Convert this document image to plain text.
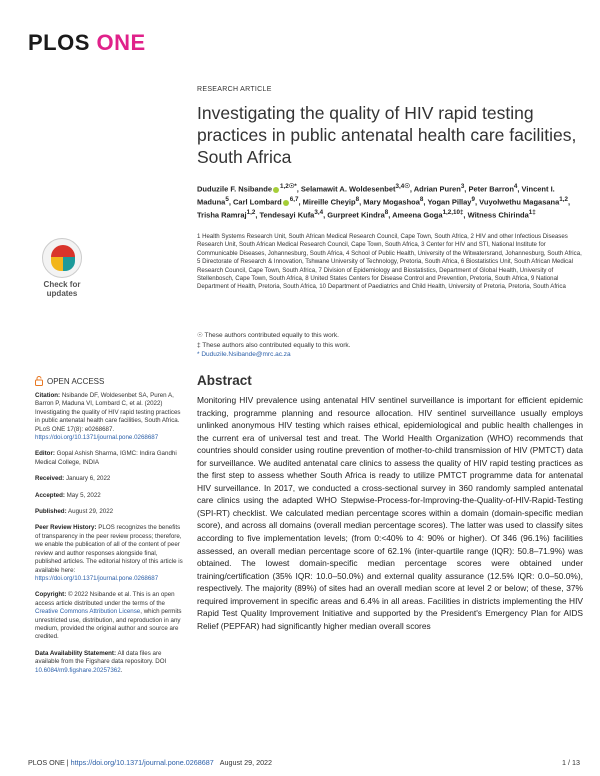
PLOS ONE
Check for
updates
OPEN ACCESS
Citation: Nsibande DF, Woldesenbet SA, Puren A, Barron P, Maduna VI, Lombard C, et al. (2022) Investigating the quality of HIV rapid testing practices in public antenatal health care facilities, South Africa. PLoS ONE 17(8): e0268687. https://doi.org/10.1371/journal.pone.0268687
Editor: Gopal Ashish Sharma, IGMC: Indira Gandhi Medical College, INDIA
Received: January 6, 2022
Accepted: May 5, 2022
Published: August 29, 2022
Peer Review History: PLOS recognizes the benefits of transparency in the peer review process; therefore, we enable the publication of all of the content of peer review and author responses alongside final, published articles. The editorial history of this article is available here: https://doi.org/10.1371/journal.pone.0268687
Copyright: © 2022 Nsibande et al. This is an open access article distributed under the terms of the Creative Commons Attribution License, which permits unrestricted use, distribution, and reproduction in any medium, provided the original author and source are credited.
Data Availability Statement: All data files are available from the Figshare data repository. DOI 10.6084/m9.figshare.20257362.
RESEARCH ARTICLE
Investigating the quality of HIV rapid testing practices in public antenatal health care facilities, South Africa
Duduzile F. Nsibande $^{1,2☉*}$, Selamawit A. Woldesenbet$^{3,4☉}$, Adrian Puren$^3$, Peter Barron$^4$, Vincent I. Maduna$^5$, Carl Lombard $^{6,7}$, Mireille Cheyip$^8$, Mary Mogashoa$^8$, Yogan Pillay$^9$, Vuyolwethu Magasana$^{1,2}$, Trisha Ramraj$^{1,2}$, Tendesayi Kufa$^{3,4}$, Gurpreet Kindra$^8$, Ameena Goga$^{1,2,10\ddagger}$, Witness Chirinda$^{1\ddagger}$
1 Health Systems Research Unit, South African Medical Research Council, Cape Town, South Africa, 2 HIV and other Infectious Diseases Research Unit, South African Medical Research Council, Cape Town, South Africa, 3 Center for HIV and STI, National Institute for Communicable Diseases, Johannesburg, South Africa, 4 School of Public Health, University of the Witwatersrand, Johannesburg, South Africa, 5 Directorate of Research & Innovation, Tshwane University of Technology, Pretoria, South Africa, 6 Biostatistics Unit, South African Medical Research Council, Cape Town, South Africa, 7 Division of Epidemiology and Biostatistics, Department of Global Health, University of Stellenbosch, Cape Town, South Africa, 8 United States Centers for Disease Control and Prevention, Pretoria, South Africa, 9 National Department of Health, Pretoria, South Africa, 10 Department of Paediatrics and Child Health, University of Pretoria, Pretoria, South Africa
☉ These authors contributed equally to this work.
‡ These authors also contributed equally to this work.
* Duduzile.Nsibande@mrc.ac.za
Abstract

Monitoring HIV prevalence using antenatal HIV sentinel surveillance is important for efficient epidemic tracking, programme planning and resource allocation. HIV sentinel surveillance usually employs unlinked anonymous HIV testing which raises ethical, epidemiological and public health challenges in the current era of universal test and treat. The World Health Organization (WHO) recommends that countries should consider using routine prevention of mother-to-child transmission of HIV (PMTCT) data for surveillance. We audited antenatal care clinics to assess the quality of HIV rapid testing practices as the first step to assess whether South Africa is ready to utilize PMTCT programme data for antenatal HIV surveillance. In 2017, we conducted a cross-sectional survey in 360 randomly sampled antenatal care clinics using the adapted WHO Stepwise-Process-for-Improving-the-Quality-of-HIV-Rapid-Testing (SPI-RT) checklist. We calculated median percentage scores within a domain (domain-specific median score), and across all domains (overall median percentage scores). The latter was used to classify sites according to five implementation levels; (from 0:<40% to 4: 90% or higher). Of 346 (96.1%) facilities assessed, an overall median percentage score of 62.1% (inter-quartile range (IQR): 50.8–71.9%) was obtained. The lowest domain-specific median percentage scores were obtained under training/certification (35% IQR: 10.0–50.0%) and external quality assurance (12.5% IQR: 0.0–50.0%), respectively. The majority (89%) of sites had an overall median score at level 2 or below; of these, 37% required improvement in specific areas and 6.4% in all areas. Facilities in districts implementing the HIV Rapid Test Quality Improvement Initiative and supported by the President's Emergency Plan for AIDS Relief (PEPFAR) had significantly higher median overall scores

PLOS ONE | https://doi.org/10.1371/journal.pone.0268687 August 29, 2022	1 / 13
